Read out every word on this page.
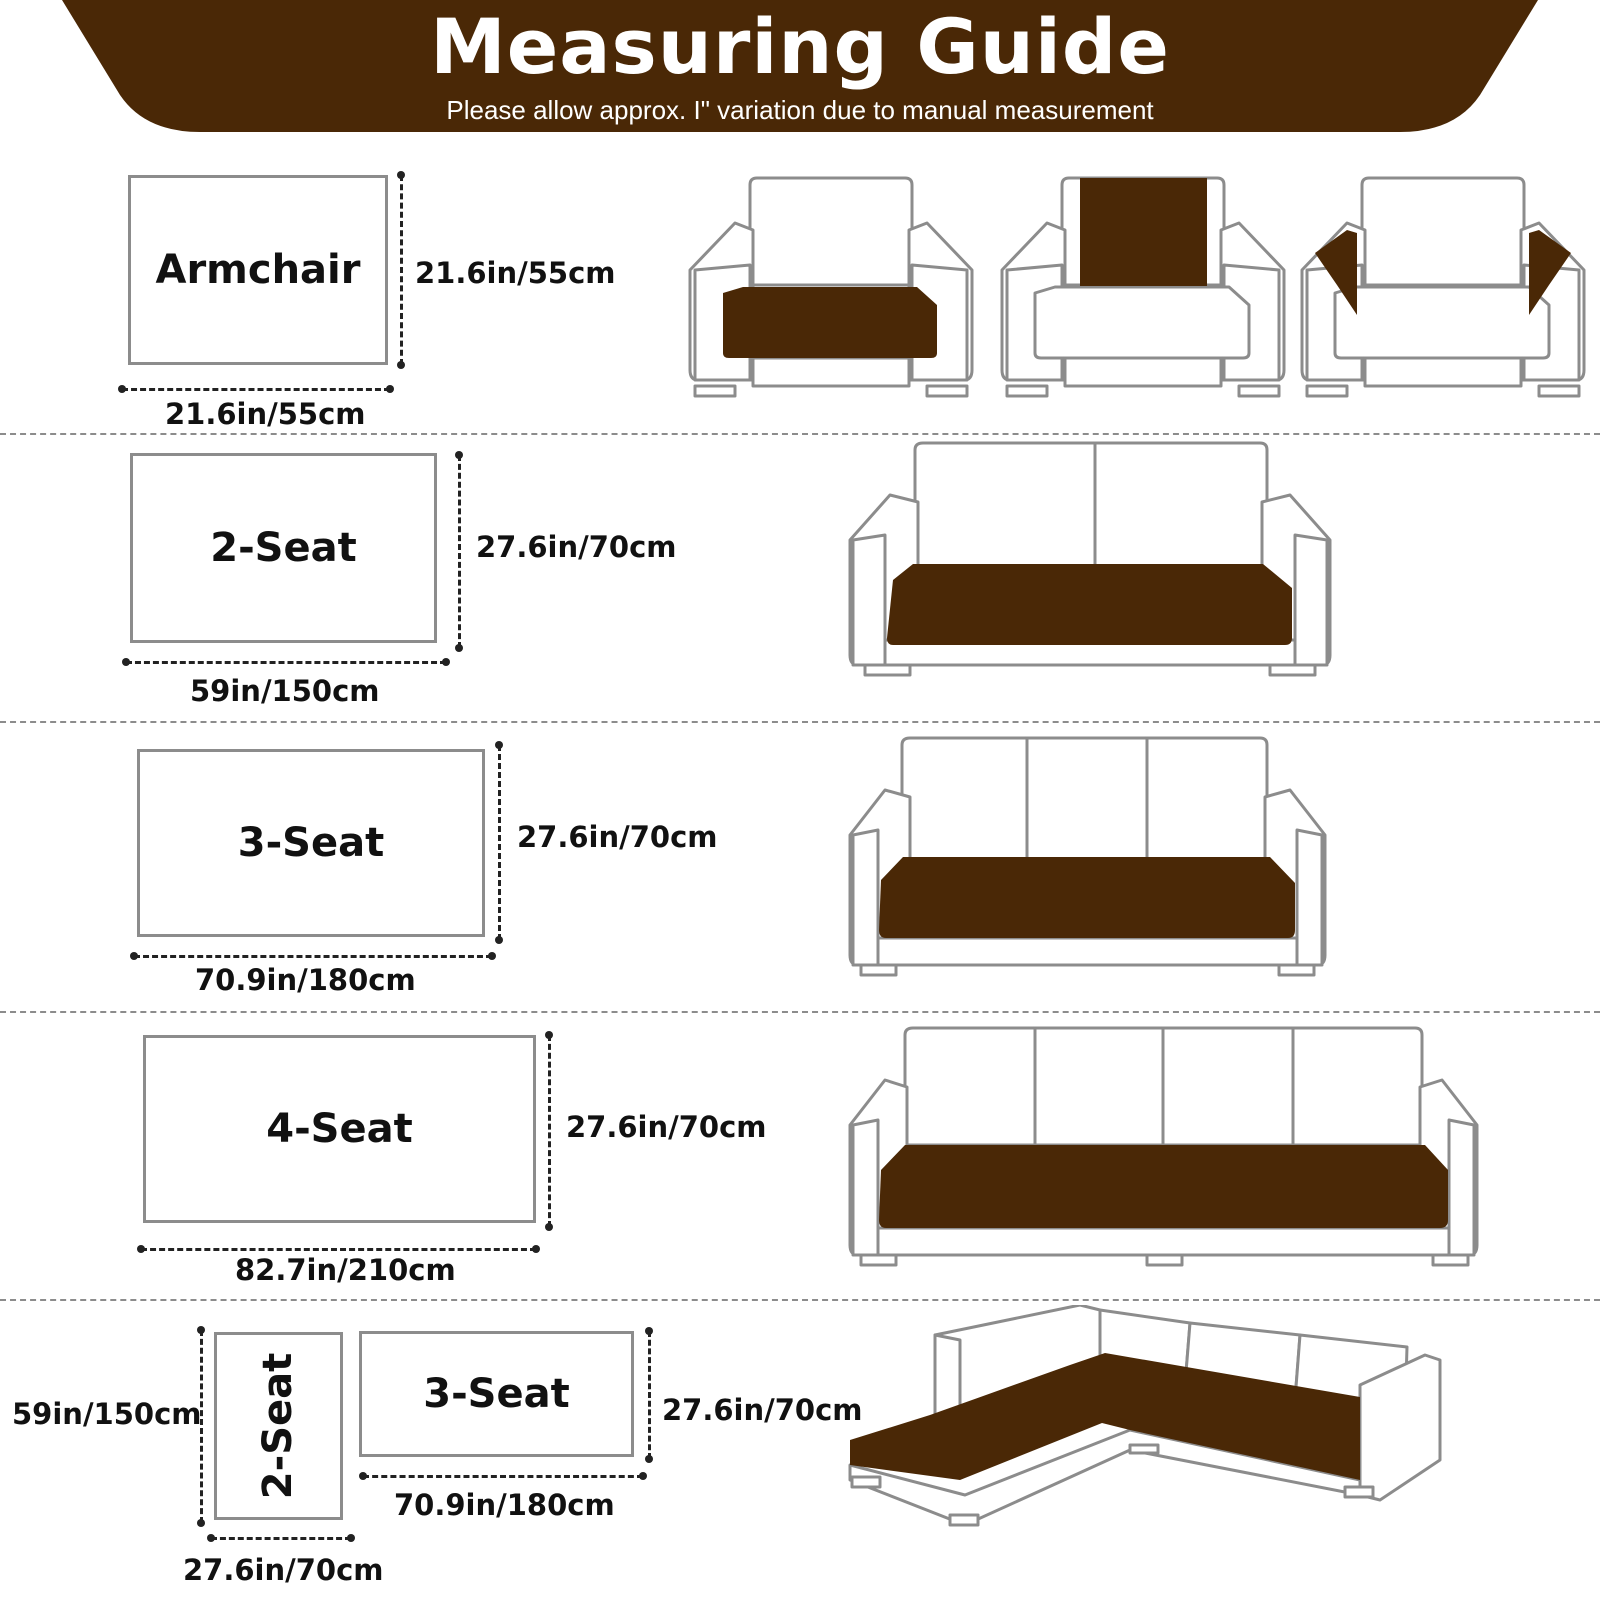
Measuring Guide
Please allow approx. I" variation due to manual measurement
Armchair 21.6in/55cm
21.6in/55cm
2-Seat	27.6in/70cm
59in/150cm
3-Seat	27.6in/70cm
70.9in/180cm
4-Seat	27.6in/70cm
82.7in/210cm
59in/150cm 2-Seat
27.6in/70cm
3-Seat	27.6in/70cm
70.9in/180cm
